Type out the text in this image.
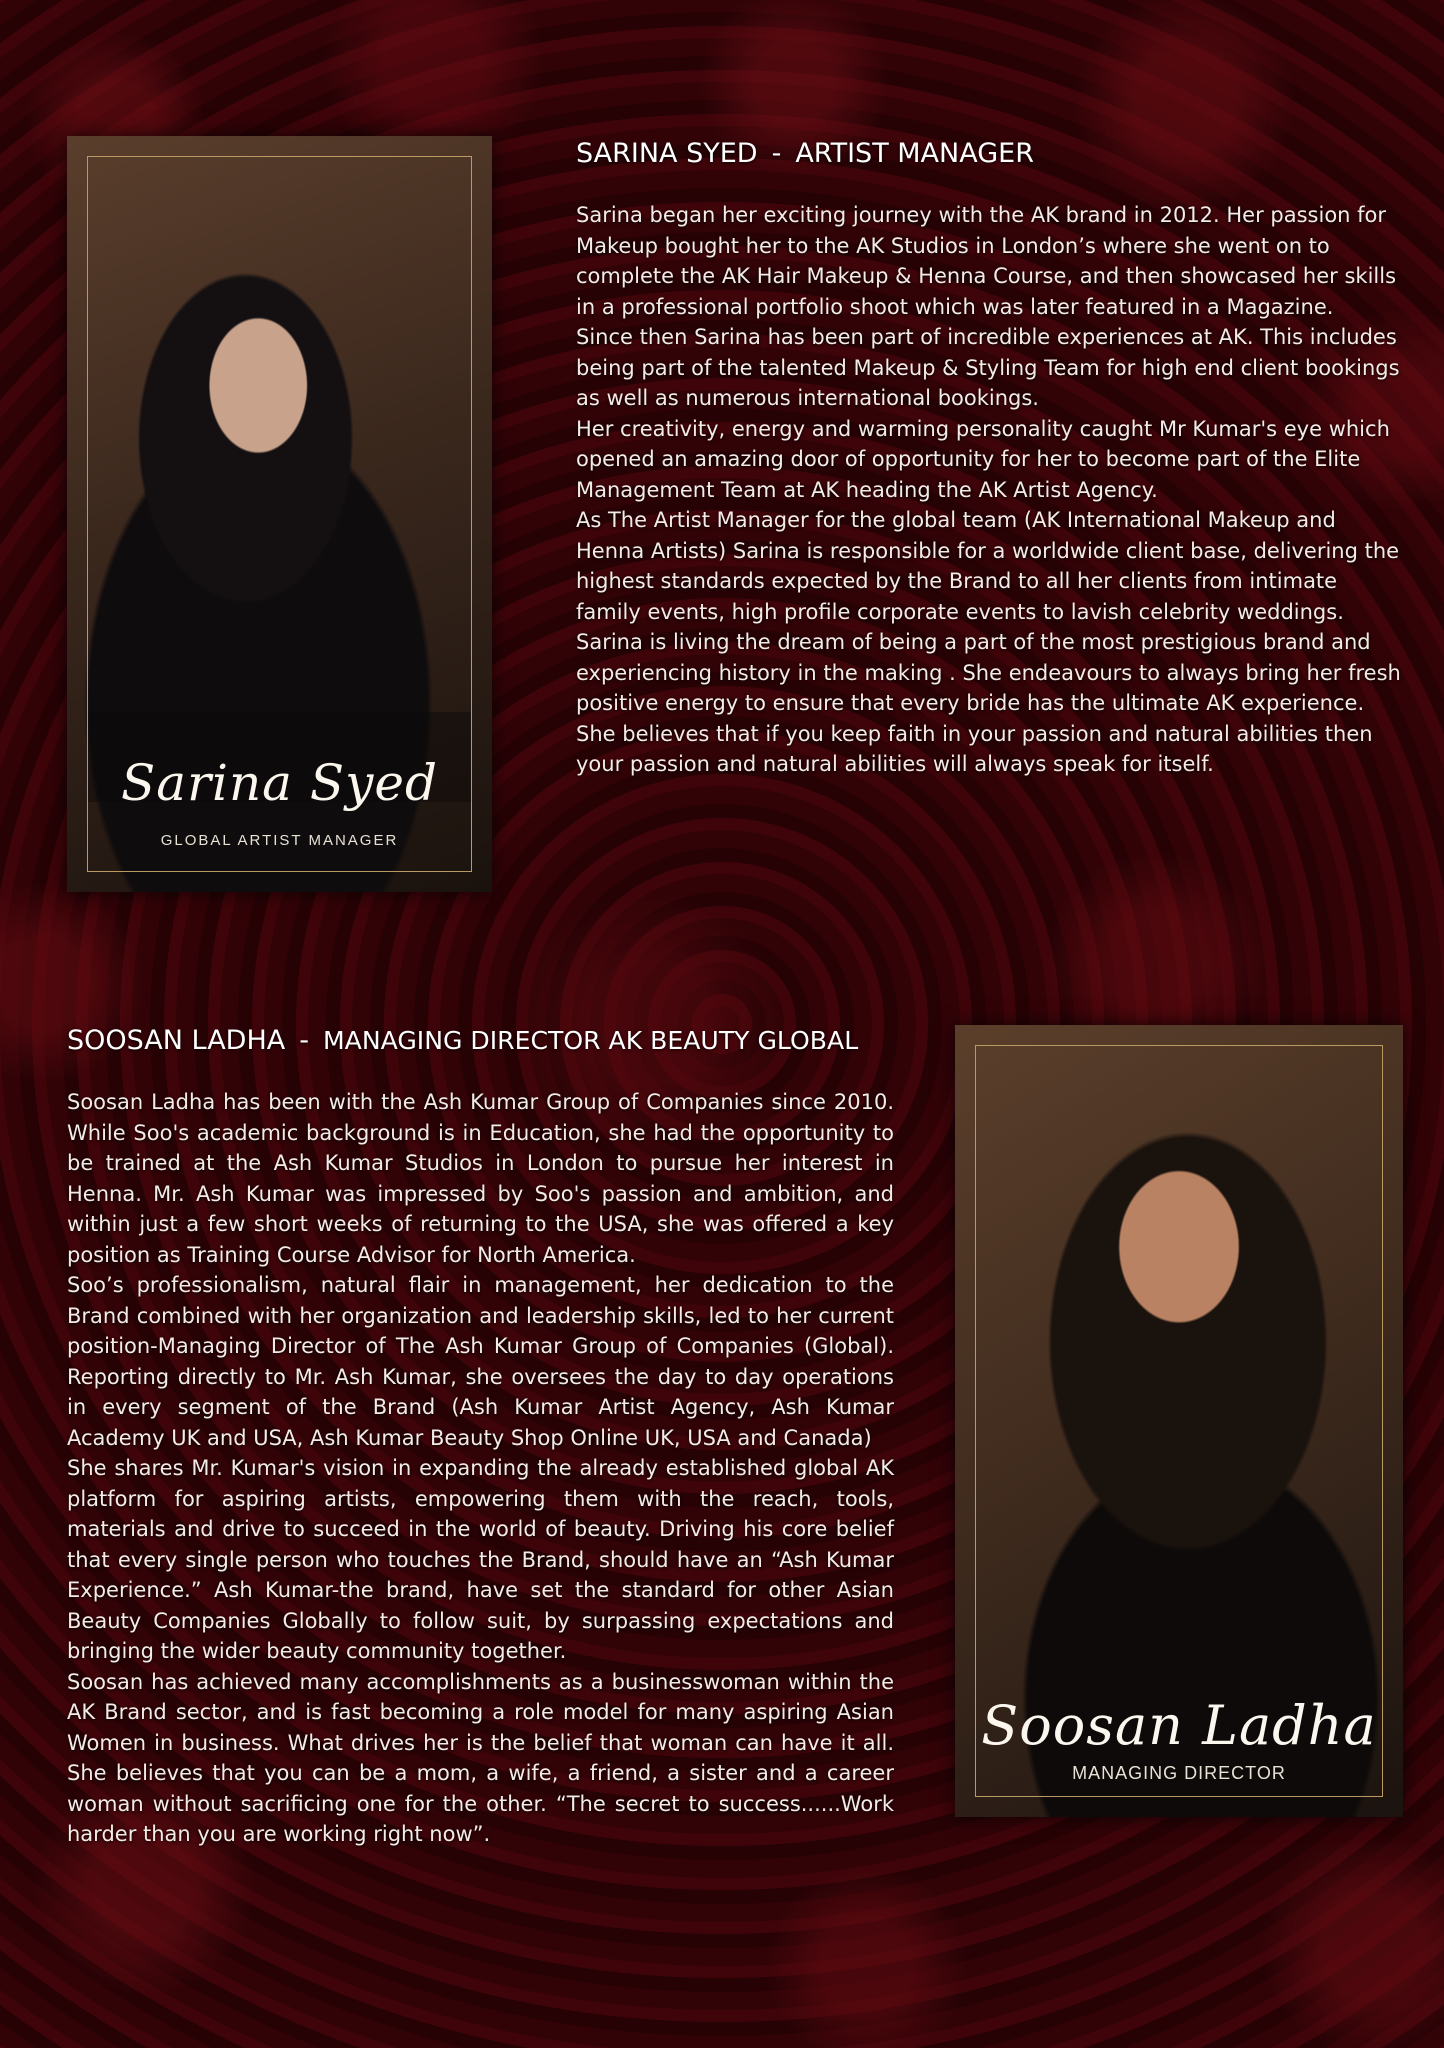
Sarina Syed
GLOBAL ARTIST MANAGER
SARINA SYED - ARTIST MANAGER

Sarina began her exciting journey with the AK brand in 2012. Her passion for Makeup bought her to the AK Studios in London’s where she went on to complete the AK Hair Makeup & Henna Course, and then showcased her skills in a professional portfolio shoot which was later featured in a Magazine.

Since then Sarina has been part of incredible experiences at AK. This includes being part of the talented Makeup & Styling Team for high end client bookings as well as numerous international bookings.

Her creativity, energy and warming personality caught Mr Kumar's eye which opened an amazing door of opportunity for her to become part of the Elite Management Team at AK heading the AK Artist Agency.

As The Artist Manager for the global team (AK International Makeup and Henna Artists) Sarina is responsible for a worldwide client base, delivering the highest standards expected by the Brand to all her clients from intimate family events, high profile corporate events to lavish celebrity weddings.

Sarina is living the dream of being a part of the most prestigious brand and experiencing history in the making . She endeavours to always bring her fresh positive energy to ensure that every bride has the ultimate AK experience.

She believes that if you keep faith in your passion and natural abilities then your passion and natural abilities will always speak for itself.

SOOSAN LADHA - MANAGING DIRECTOR AK BEAUTY GLOBAL

Soosan Ladha has been with the Ash Kumar Group of Companies since 2010. While Soo's academic background is in Education, she had the opportunity to be trained at the Ash Kumar Studios in London to pursue her interest in Henna. Mr. Ash Kumar was impressed by Soo's passion and ambition, and within just a few short weeks of returning to the USA, she was offered a key position as Training Course Advisor for North America.

Soo’s professionalism, natural flair in management, her dedication to the Brand combined with her organization and leadership skills, led to her current position-Managing Director of The Ash Kumar Group of Companies (Global). Reporting directly to Mr. Ash Kumar, she oversees the day to day operations in every segment of the Brand (Ash Kumar Artist Agency, Ash Kumar Academy UK and USA, Ash Kumar Beauty Shop Online UK, USA and Canada)

She shares Mr. Kumar's vision in expanding the already established global AK platform for aspiring artists, empowering them with the reach, tools, materials and drive to succeed in the world of beauty. Driving his core belief that every single person who touches the Brand, should have an “Ash Kumar Experience.” Ash Kumar-the brand, have set the standard for other Asian Beauty Companies Globally to follow suit, by surpassing expectations and bringing the wider beauty community together.

Soosan has achieved many accomplishments as a businesswoman within the AK Brand sector, and is fast becoming a role model for many aspiring Asian Women in business. What drives her is the belief that woman can have it all. She believes that you can be a mom, a wife, a friend, a sister and a career woman without sacrificing one for the other. “The secret to success......Work harder than you are working right now”.

Soosan Ladha
MANAGING DIRECTOR
